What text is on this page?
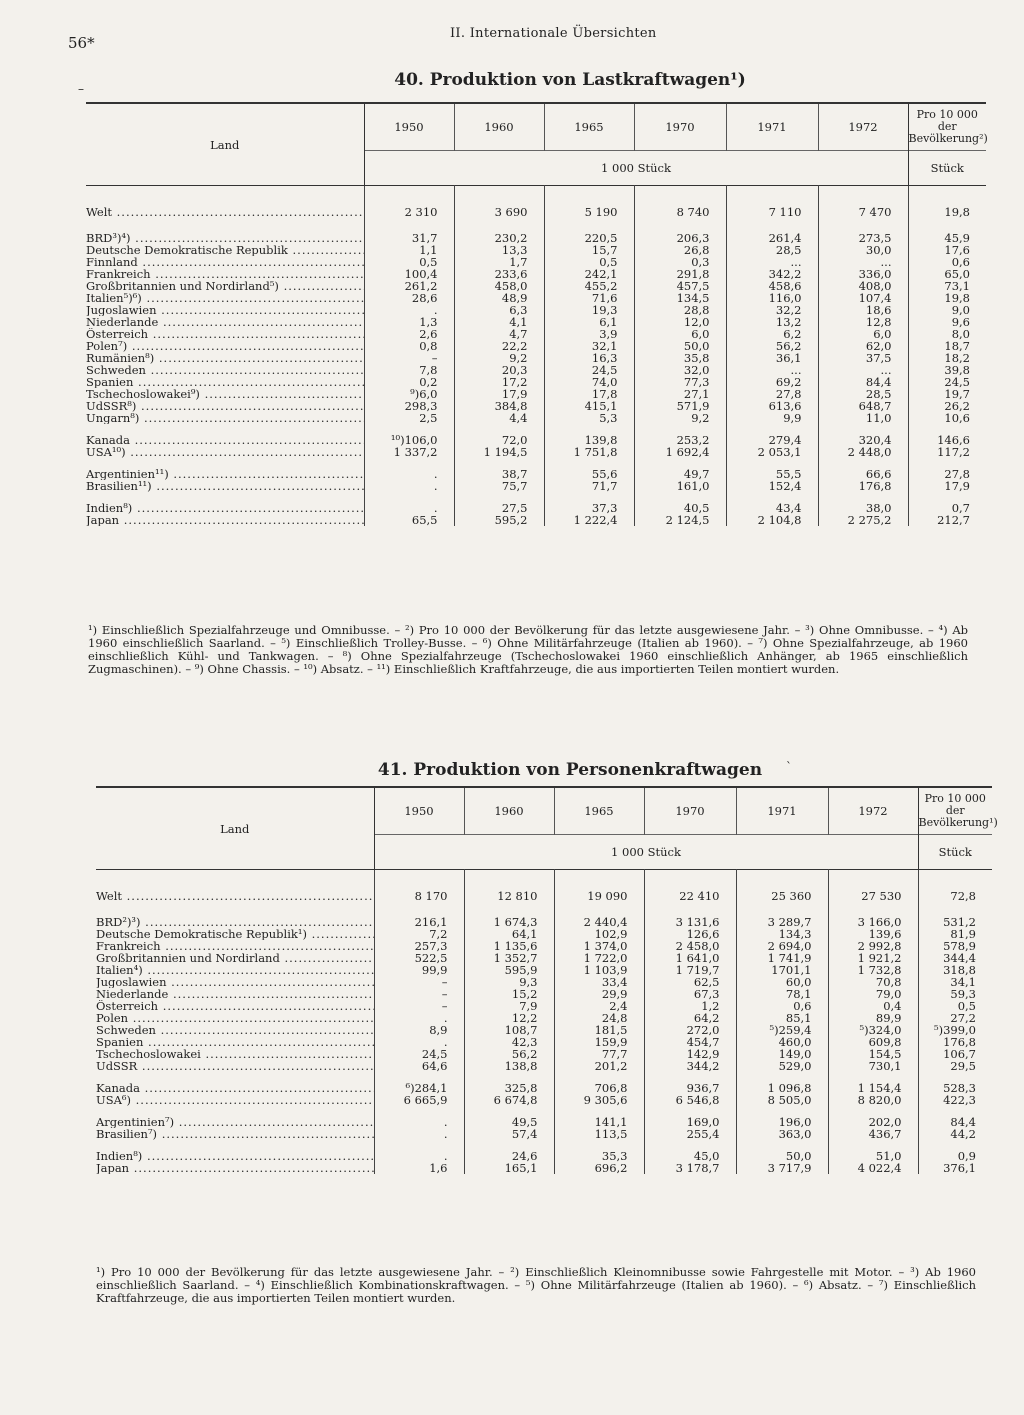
56*
II. Internationale Übersichten
–	40. Produktion von Lastkraftwagen¹)
Land	1950	1960	1965	1970	1971	1972	Pro 10 000 der Bevölkerung²)
	1 000 Stück						Stück
Welt .....	2 310	3 690	5 190	8 740	7 110	7 470	19,8

BRD³)⁴) .....	31,7	230,2	220,5	206,3	261,4	273,5	45,9
Deutsche Demokratische Republik .....	1,1	13,3	15,7	26,8	28,5	30,0	17,6
Finnland .....	0,5	1,7	0,5	0,3	...	...	0,6
Frankreich .....	100,4	233,6	242,1	291,8	342,2	336,0	65,0
Großbritannien und Nordirland⁵) .....	261,2	458,0	455,2	457,5	458,6	408,0	73,1
Italien⁵)⁶) .....	28,6	48,9	71,6	134,5	116,0	107,4	19,8
Jugoslawien .....	.	6,3	19,3	28,8	32,2	18,6	9,0
Niederlande .....	1,3	4,1	6,1	12,0	13,2	12,8	9,6
Österreich .....	2,6	4,7	3,9	6,0	6,2	6,0	8,0
Polen⁷) .....	0,8	22,2	32,1	50,0	56,2	62,0	18,7
Rumänien⁸) .....	–	9,2	16,3	35,8	36,1	37,5	18,2
Schweden .....	7,8	20,3	24,5	32,0	...	...	39,8
Spanien .....	0,2	17,2	74,0	77,3	69,2	84,4	24,5
Tschechoslowakei⁹) .....	⁹)6,0	17,9	17,8	27,1	27,8	28,5	19,7
UdSSR⁸) .....	298,3	384,8	415,1	571,9	613,6	648,7	26,2
Ungarn⁸) .....	2,5	4,4	5,3	9,2	9,9	11,0	10,6

Kanada .....	¹⁰)106,0	72,0	139,8	253,2	279,4	320,4	146,6
USA¹⁰) .....	1 337,2	1 194,5	1 751,8	1 692,4	2 053,1	2 448,0	117,2

Argentinien¹¹) .....	.	38,7	55,6	49,7	55,5	66,6	27,8
Brasilien¹¹) .....	.	75,7	71,7	161,0	152,4	176,8	17,9

Indien⁸) .....	.	27,5	37,3	40,5	43,4	38,0	0,7
Japan .....	65,5	595,2	1 222,4	2 124,5	2 104,8	2 275,2	212,7

¹) Einschließlich Spezialfahrzeuge und Omnibusse. – ²) Pro 10 000 der Bevölkerung für das letzte ausgewiesene Jahr. – ³) Ohne Omnibusse. – ⁴) Ab 1960 einschließlich Saarland. – ⁵) Einschließlich Trolley-Busse. – ⁶) Ohne Militärfahrzeuge (Italien ab 1960). – ⁷) Ohne Spezialfahrzeuge, ab 1960 einschließlich Kühl- und Tankwagen. – ⁸) Ohne Spezialfahrzeuge (Tschechoslowakei 1960 einschließlich Anhänger, ab 1965 einschließlich Zugmaschinen). – ⁹) Ohne Chassis. – ¹⁰) Absatz. – ¹¹) Einschließlich Kraftfahrzeuge, die aus importierten Teilen montiert wurden.

41. Produktion von Personenkraftwagen	`
Land	1950	1960	1965	1970	1971	1972	Pro 10 000 der Bevölkerung¹)
	1 000 Stück						Stück
Welt .....	8 170	12 810	19 090	22 410	25 360	27 530	72,8

BRD²)³) .....	216,1	1 674,3	2 440,4	3 131,6	3 289,7	3 166,0	531,2
Deutsche Demokratische Republik¹) .....	7,2	64,1	102,9	126,6	134,3	139,6	81,9
Frankreich .....	257,3	1 135,6	1 374,0	2 458,0	2 694,0	2 992,8	578,9
Großbritannien und Nordirland .....	522,5	1 352,7	1 722,0	1 641,0	1 741,9	1 921,2	344,4
Italien⁴) .....	99,9	595,9	1 103,9	1 719,7	1701,1	1 732,8	318,8
Jugoslawien .....	–	9,3	33,4	62,5	60,0	70,8	34,1
Niederlande .....	–	15,2	29,9	67,3	78,1	79,0	59,3
Österreich .....	–	7,9	2,4	1,2	0,6	0,4	0,5
Polen .....	.	12,2	24,8	64,2	85,1	89,9	27,2
Schweden .....	8,9	108,7	181,5	272,0	⁵)259,4	⁵)324,0	⁵)399,0
Spanien .....	.	42,3	159,9	454,7	460,0	609,8	176,8
Tschechoslowakei .....	24,5	56,2	77,7	142,9	149,0	154,5	106,7
UdSSR .....	64,6	138,8	201,2	344,2	529,0	730,1	29,5

Kanada .....	⁶)284,1	325,8	706,8	936,7	1 096,8	1 154,4	528,3
USA⁶) .....	6 665,9	6 674,8	9 305,6	6 546,8	8 505,0	8 820,0	422,3

Argentinien⁷) .....	.	49,5	141,1	169,0	196,0	202,0	84,4
Brasilien⁷) .....	.	57,4	113,5	255,4	363,0	436,7	44,2

Indien⁸) .....	.	24,6	35,3	45,0	50,0	51,0	0,9
Japan .....	1,6	165,1	696,2	3 178,7	3 717,9	4 022,4	376,1

¹) Pro 10 000 der Bevölkerung für das letzte ausgewiesene Jahr. – ²) Einschließlich Kleinomnibusse sowie Fahrgestelle mit Motor. – ³) Ab 1960 einschließlich Saarland. – ⁴) Einschließlich Kombinationskraftwagen. – ⁵) Ohne Militärfahrzeuge (Italien ab 1960). – ⁶) Absatz. – ⁷) Einschließlich Kraftfahrzeuge, die aus importierten Teilen montiert wurden.
